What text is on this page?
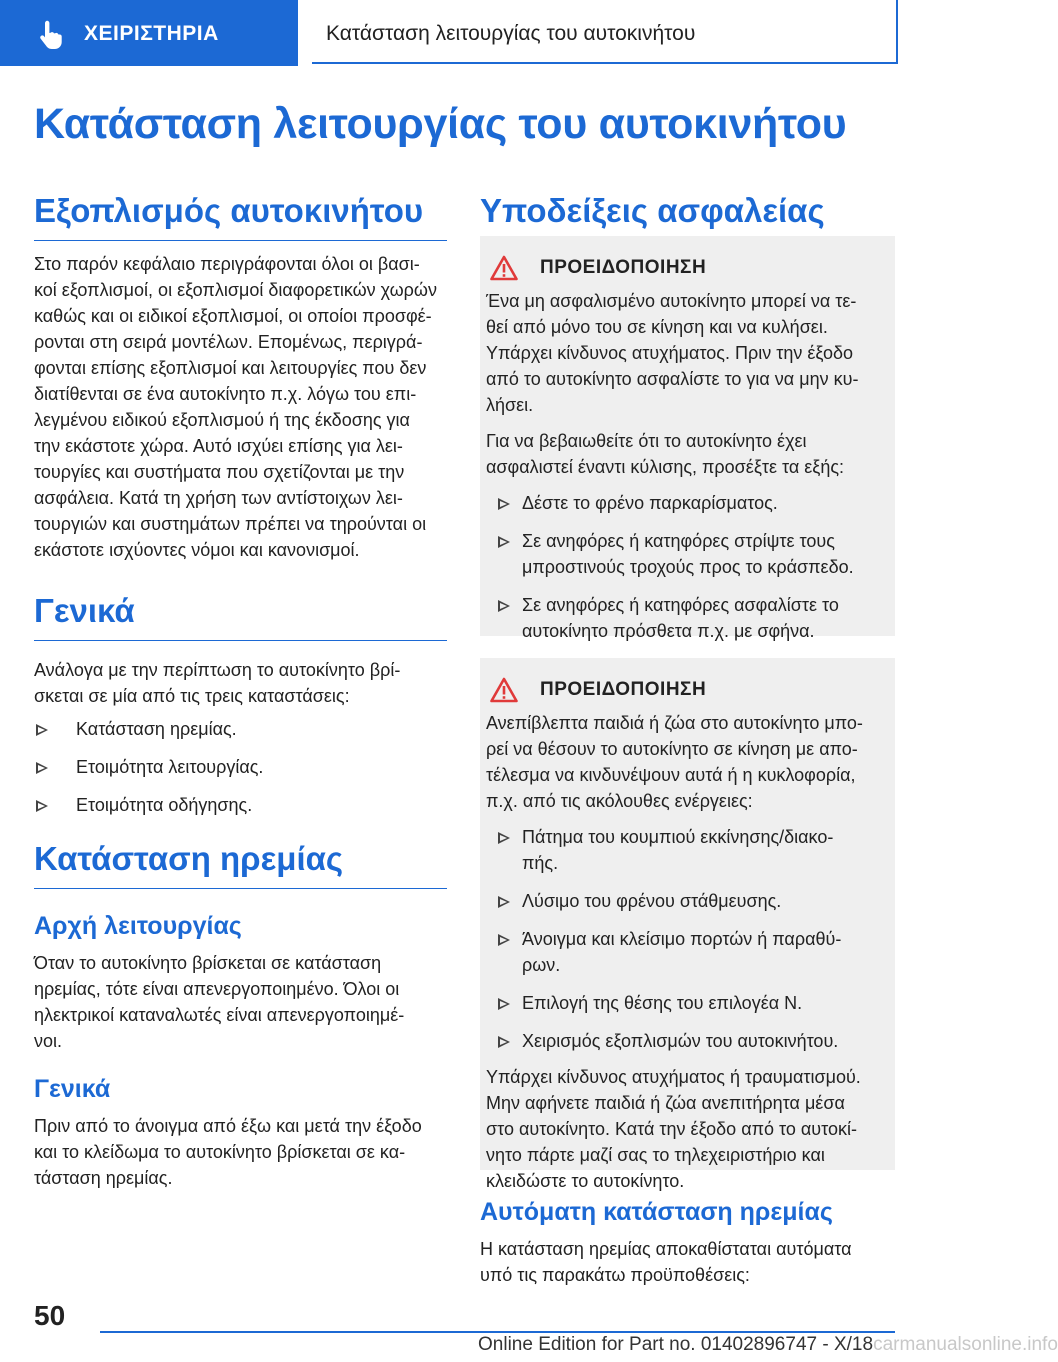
ΧΕΙΡΙΣΤΗΡΙΑ	Κατάσταση λειτουργίας του αυτοκινήτου
Κατάσταση λειτουργίας του αυτοκινήτου
Εξοπλισμός αυτοκινήτου

Στο παρόν κεφάλαιο περιγράφονται όλοι οι βασι-

κοί εξοπλισμοί, οι εξοπλισμοί διαφορετικών χωρών

καθώς και οι ειδικοί εξοπλισμοί, οι οποίοι προσφέ-

ρονται στη σειρά μοντέλων. Επομένως, περιγρά-

φονται επίσης εξοπλισμοί και λειτουργίες που δεν

διατίθενται σε ένα αυτοκίνητο π.χ. λόγω του επι-

λεγμένου ειδικού εξοπλισμού ή της έκδοσης για

την εκάστοτε χώρα. Αυτό ισχύει επίσης για λει-

τουργίες και συστήματα που σχετίζονται με την

ασφάλεια. Κατά τη χρήση των αντίστοιχων λει-

τουργιών και συστημάτων πρέπει να τηρούνται οι

εκάστοτε ισχύοντες νόμοι και κανονισμοί.

Γενικά

Ανάλογα με την περίπτωση το αυτοκίνητο βρί-

σκεται σε μία από τις τρεις καταστάσεις:

Κατάσταση ηρεμίας.
Ετοιμότητα λειτουργίας.
Ετοιμότητα οδήγησης.
Κατάσταση ηρεμίας
Αρχή λειτουργίας

Όταν το αυτοκίνητο βρίσκεται σε κατάσταση

ηρεμίας, τότε είναι απενεργοποιημένο. Όλοι οι

ηλεκτρικοί καταναλωτές είναι απενεργοποιημέ-

νοι.

Γενικά

Πριν από το άνοιγμα από έξω και μετά την έξοδο

και το κλείδωμα το αυτοκίνητο βρίσκεται σε κα-

τάσταση ηρεμίας.

Υποδείξεις ασφαλείας
ΠΡΟΕΙΔΟΠΟΙΗΣΗ

Ένα μη ασφαλισμένο αυτοκίνητο μπορεί να τε-

θεί από μόνο του σε κίνηση και να κυλήσει.

Υπάρχει κίνδυνος ατυχήματος. Πριν την έξοδο

από το αυτοκίνητο ασφαλίστε το για να μην κυ-

λήσει.

Για να βεβαιωθείτε ότι το αυτοκίνητο έχει

ασφαλιστεί έναντι κύλισης, προσέξτε τα εξής:

Δέστε το φρένο παρκαρίσματος.
Σε ανηφόρες ή κατηφόρες στρίψτε τους
μπροστινούς τροχούς προς το κράσπεδο.
Σε ανηφόρες ή κατηφόρες ασφαλίστε το
αυτοκίνητο πρόσθετα π.χ. με σφήνα.
ΠΡΟΕΙΔΟΠΟΙΗΣΗ

Ανεπίβλεπτα παιδιά ή ζώα στο αυτοκίνητο μπο-

ρεί να θέσουν το αυτοκίνητο σε κίνηση με απο-

τέλεσμα να κινδυνέψουν αυτά ή η κυκλοφορία,

π.χ. από τις ακόλουθες ενέργειες:

Πάτημα του κουμπιού εκκίνησης/διακο-
πής.
Λύσιμο του φρένου στάθμευσης.
Άνοιγμα και κλείσιμο πορτών ή παραθύ-
ρων.
Επιλογή της θέσης του επιλογέα N.
Χειρισμός εξοπλισμών του αυτοκινήτου.

Υπάρχει κίνδυνος ατυχήματος ή τραυματισμού.

Μην αφήνετε παιδιά ή ζώα ανεπιτήρητα μέσα

στο αυτοκίνητο. Κατά την έξοδο από το αυτοκί-

νητο πάρτε μαζί σας το τηλεχειριστήριο και

κλειδώστε το αυτοκίνητο.

Αυτόματη κατάσταση ηρεμίας

Η κατάσταση ηρεμίας αποκαθίσταται αυτόματα

υπό τις παρακάτω προϋποθέσεις:

50
Online Edition for Part no. 01402896747 - X/18carmanualsonline.info
